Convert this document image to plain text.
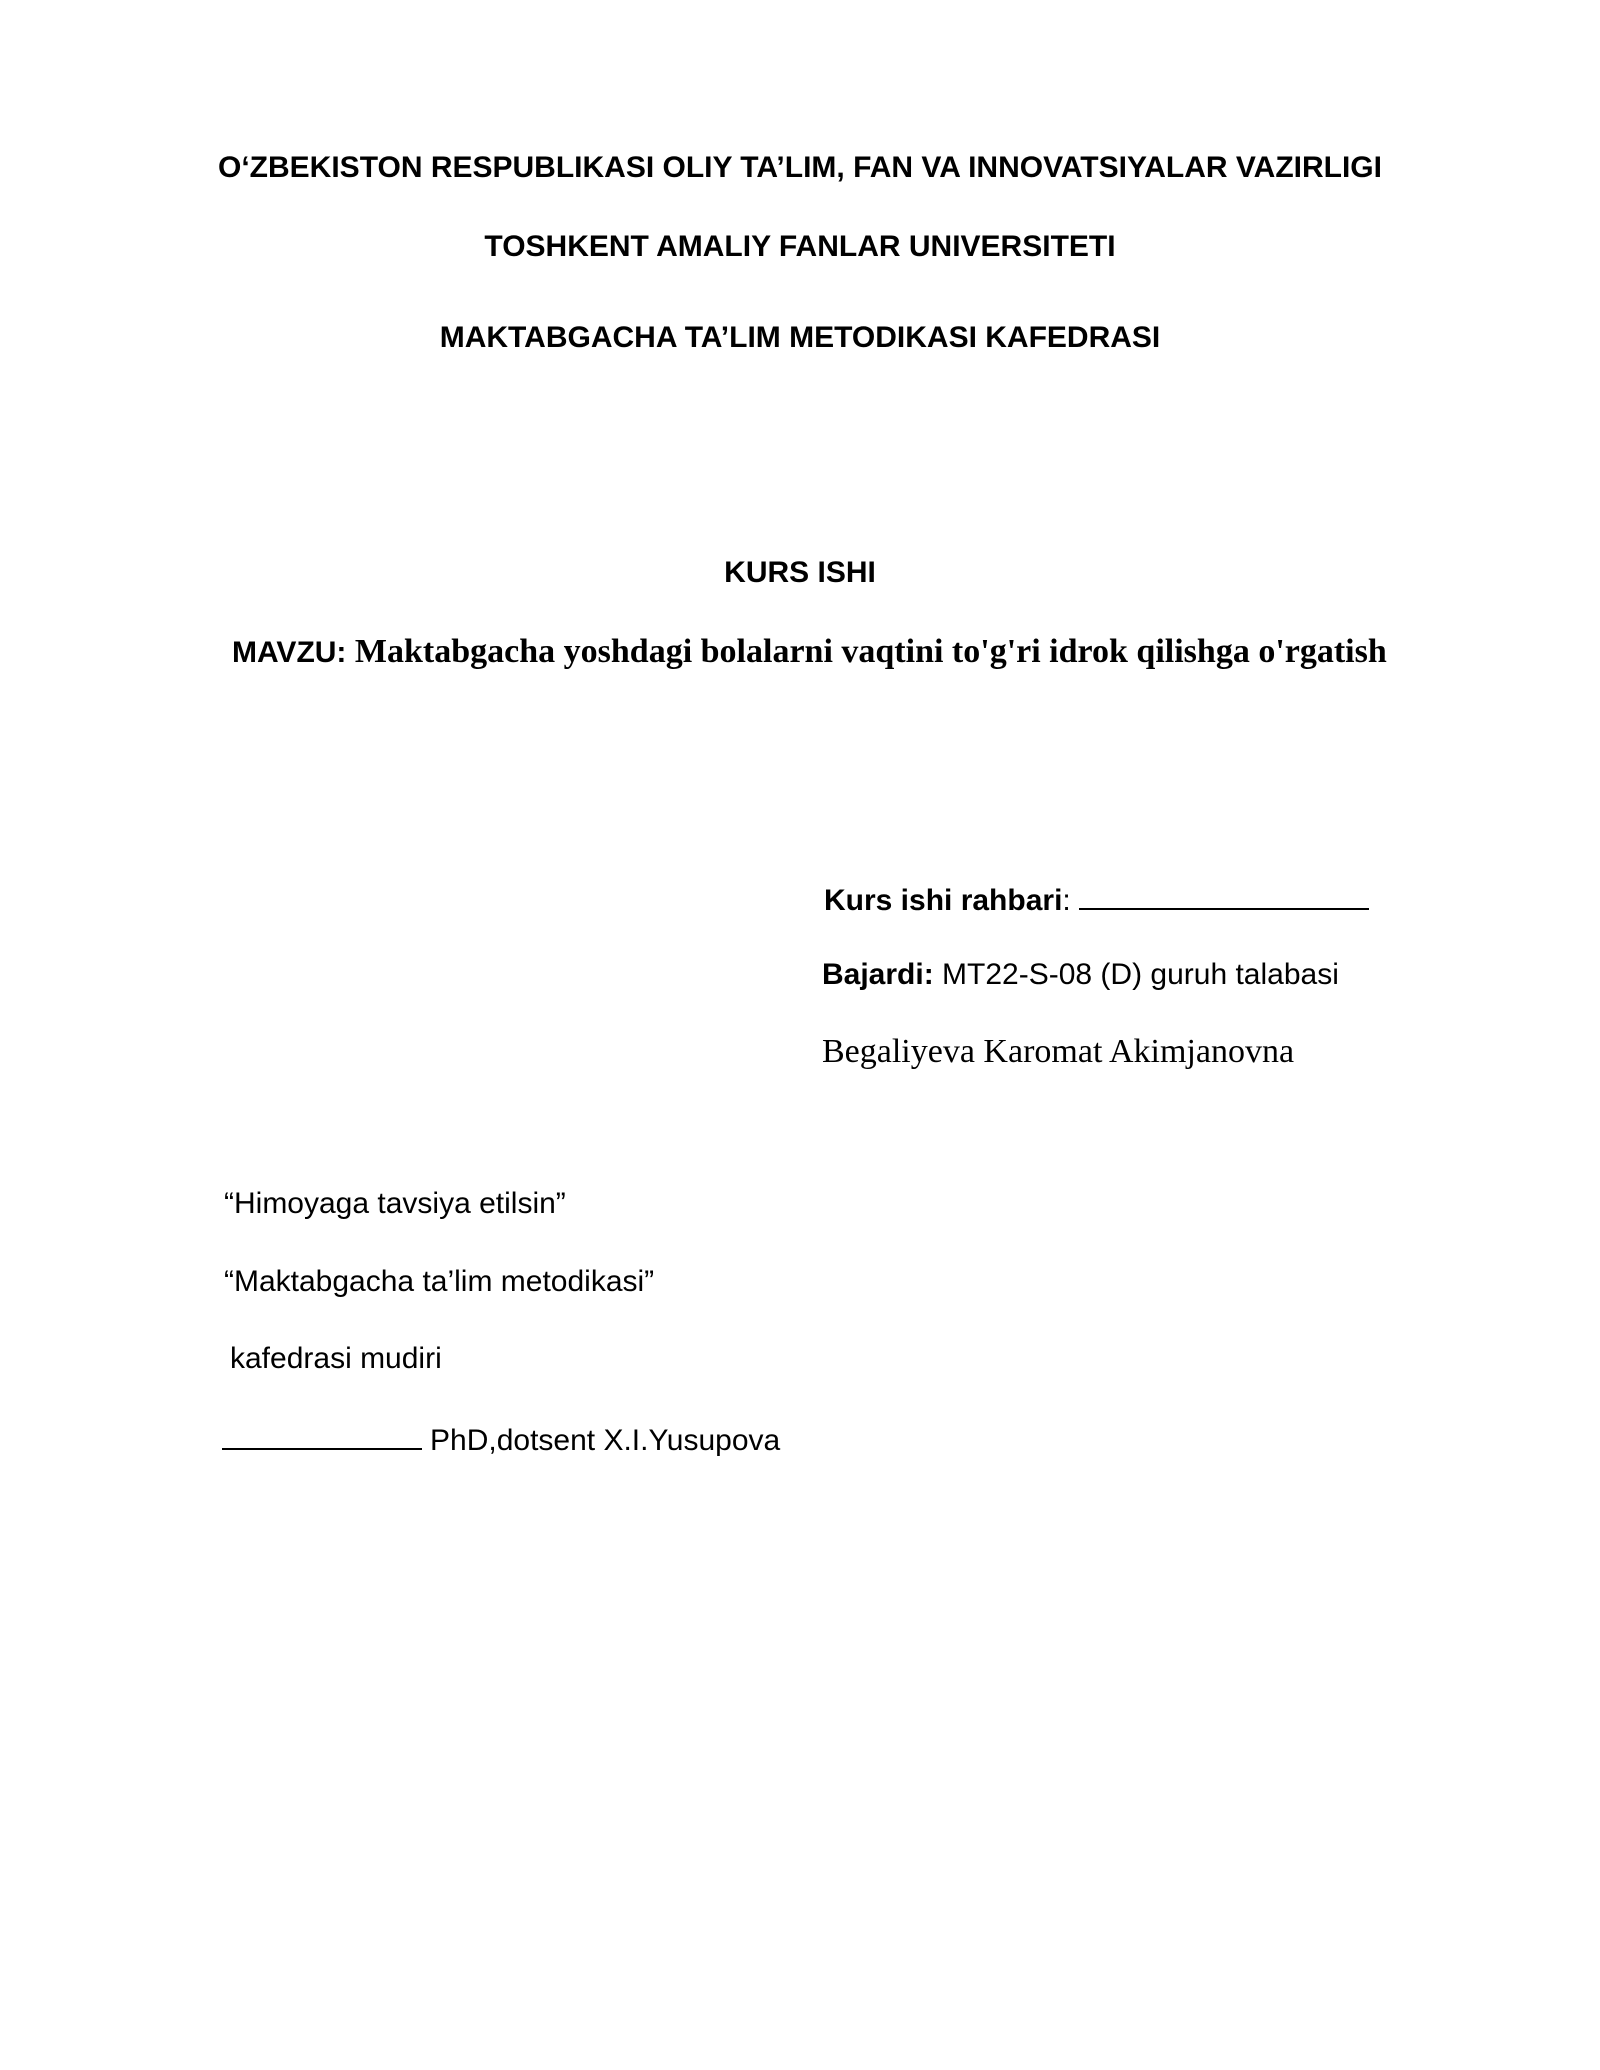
O‘ZBEKISTON RESPUBLIKASI OLIY TA’LIM, FAN VA INNOVATSIYALAR VAZIRLIGI
TOSHKENT AMALIY FANLAR UNIVERSITETI
MAKTABGACHA TA’LIM METODIKASI KAFEDRASI
KURS ISHI
MAVZU: Maktabgacha yoshdagi bolalarni vaqtini to'g'ri idrok qilishga o'rgatish
Kurs ishi rahbari:
Bajardi: MT22-S-08 (D) guruh talabasi
Begaliyeva Karomat Akimjanovna
“Himoyaga tavsiya etilsin”
“Maktabgacha ta’lim metodikasi”
kafedrasi mudiri
PhD,dotsent X.I.Yusupova
